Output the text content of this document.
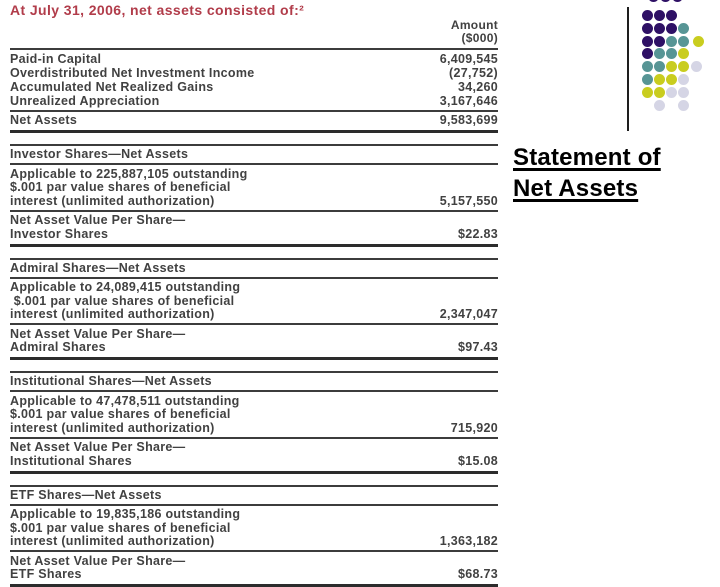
At July 31, 2006, net assets consisted of:²
Amount
($000)
Paid-in Capital	6,409,545
Overdistributed Net Investment Income	(27,752)
Accumulated Net Realized Gains	34,260
Unrealized Appreciation	3,167,646
Net Assets	9,583,699
Investor Shares—Net Assets
Applicable to 225,887,105 outstanding
$.001 par value shares of beneficial
interest (unlimited authorization)	5,157,550
Net Asset Value Per Share—
Investor Shares	$22.83
Admiral Shares—Net Assets
Applicable to 24,089,415 outstanding
$.001 par value shares of beneficial
interest (unlimited authorization)	2,347,047
Net Asset Value Per Share—
Admiral Shares	$97.43
Institutional Shares—Net Assets
Applicable to 47,478,511 outstanding
$.001 par value shares of beneficial
interest (unlimited authorization)	715,920
Net Asset Value Per Share—
Institutional Shares	$15.08
ETF Shares—Net Assets
Applicable to 19,835,186 outstanding
$.001 par value shares of beneficial
interest (unlimited authorization)	1,363,182
Net Asset Value Per Share—
ETF Shares	$68.73
Statement of
Net Assets
